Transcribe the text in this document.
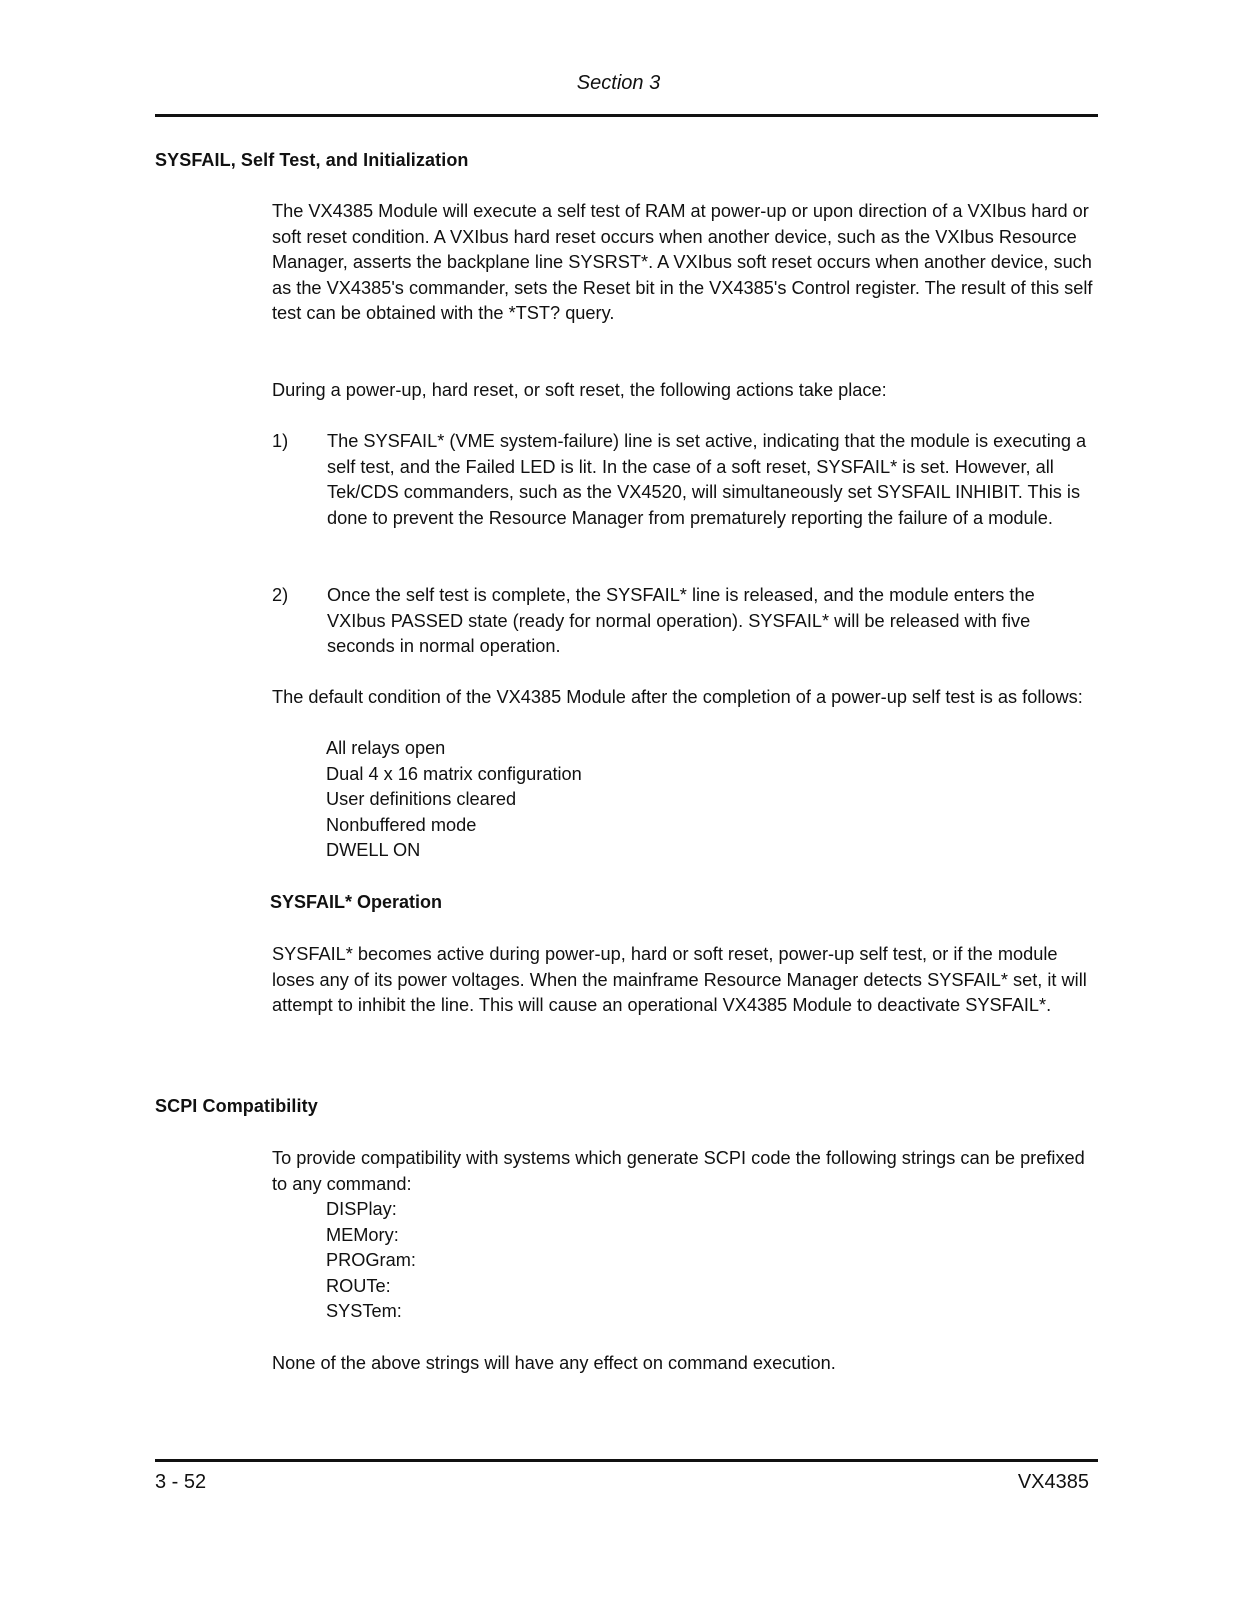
Section 3
SYSFAIL, Self Test, and Initialization

The VX4385 Module will execute a self test of RAM at power-up or upon direction of a VXIbus hard or soft reset condition. A VXIbus hard reset occurs when another device, such as the VXIbus Resource Manager, asserts the backplane line SYSRST*. A VXIbus soft reset occurs when another device, such as the VX4385's commander, sets the Reset bit in the VX4385's Control register. The result of this self test can be obtained with the *TST? query.

During a power-up, hard reset, or soft reset, the following actions take place:

1)	The SYSFAIL* (VME system-failure) line is set active, indicating that the module is executing a self test, and the Failed LED is lit. In the case of a soft reset, SYSFAIL* is set. However, all Tek/CDS commanders, such as the VX4520, will simultaneously set SYSFAIL INHIBIT. This is done to prevent the Resource Manager from prematurely reporting the failure of a module.
2)	Once the self test is complete, the SYSFAIL* line is released, and the module enters the VXIbus PASSED state (ready for normal operation). SYSFAIL* will be released with five seconds in normal operation.

The default condition of the VX4385 Module after the completion of a power-up self test is as follows:

All relays open
Dual 4 x 16 matrix configuration
User definitions cleared
Nonbuffered mode
DWELL ON
SYSFAIL* Operation

SYSFAIL* becomes active during power-up, hard or soft reset, power-up self test, or if the module loses any of its power voltages. When the mainframe Resource Manager detects SYSFAIL* set, it will attempt to inhibit the line. This will cause an operational VX4385 Module to deactivate SYSFAIL*.

SCPI Compatibility

To provide compatibility with systems which generate SCPI code the following strings can be prefixed to any command:

DISPlay:
MEMory:
PROGram:
ROUTe:
SYSTem:

None of the above strings will have any effect on command execution.

3 - 52	VX4385
